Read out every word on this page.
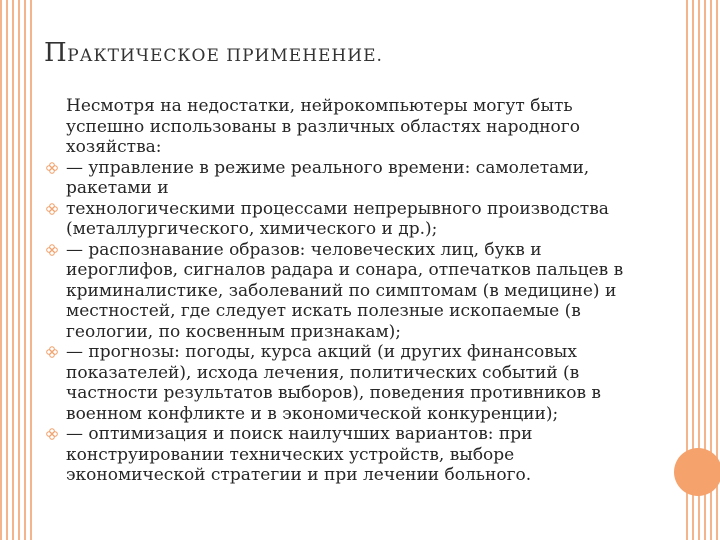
ПРАКТИЧЕСКОЕ ПРИМЕНЕНИЕ.

Несмотря на недостатки, нейрокомпьютеры могут быть успешно использованы в различных областях народного хозяйства:

— управление в режиме реального времени: самолетами, ракетами и
технологическими процессами непрерывного производства (металлургического, химического и др.);
— распознавание образов: человеческих лиц, букв и иероглифов, сигналов радара и сонара, отпечатков пальцев в криминалистике, заболеваний по симптомам (в медицине) и местностей, где следует искать полезные ископаемые (в геологии, по косвенным признакам);
— прогнозы: погоды, курса акций (и других финансовых показателей), исхода лечения, политических событий (в частности результатов выборов), поведения противников в военном конфликте и в экономической конкуренции);
— оптимизация и поиск наилучших вариантов: при конструировании технических устройств, выборе экономической стратегии и при лечении больного.
